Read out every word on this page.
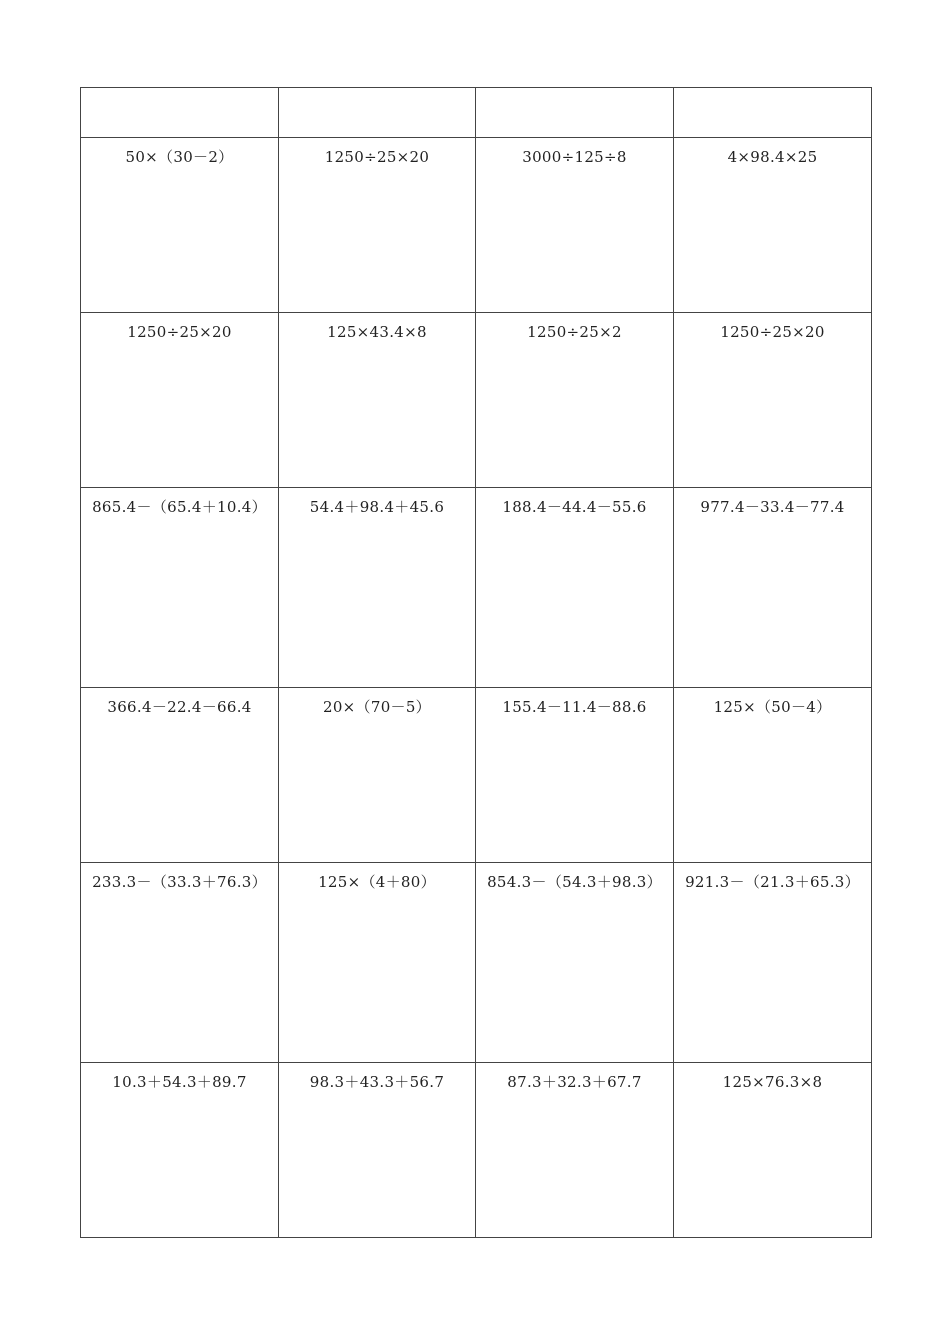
50×（30－2）	1250÷25×20	3000÷125÷8	4×98.4×25
1250÷25×20	125×43.4×8	1250÷25×2	1250÷25×20
865.4－（65.4＋10.4）	54.4＋98.4＋45.6	188.4－44.4－55.6	977.4－33.4－77.4
366.4－22.4－66.4	20×（70－5）	155.4－11.4－88.6	125×（50－4）
233.3－（33.3＋76.3）	125×（4＋80）	854.3－（54.3＋98.3）	921.3－（21.3＋65.3）
10.3＋54.3＋89.7	98.3＋43.3＋56.7	87.3＋32.3＋67.7	125×76.3×8
